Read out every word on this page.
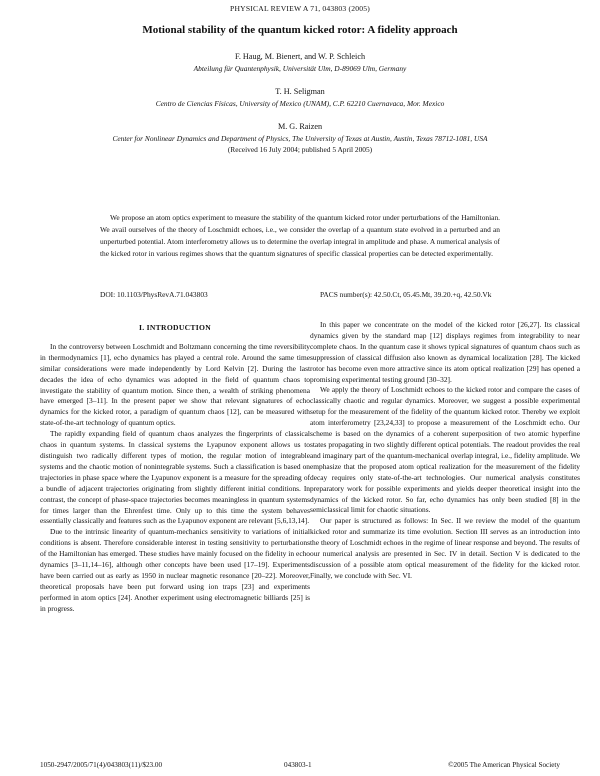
PHYSICAL REVIEW A 71, 043803 (2005)
Motional stability of the quantum kicked rotor: A fidelity approach
F. Haug, M. Bienert, and W. P. Schleich
Abteilung für Quantenphysik, Universität Ulm, D-89069 Ulm, Germany
T. H. Seligman
Centro de Ciencias Físicas, University of Mexico (UNAM), C.P. 62210 Cuernavaca, Mor. Mexico
M. G. Raizen
Center for Nonlinear Dynamics and Department of Physics, The University of Texas at Austin, Austin, Texas 78712-1081, USA
(Received 16 July 2004; published 5 April 2005)
We propose an atom optics experiment to measure the stability of the quantum kicked rotor under perturbations of the Hamiltonian. We avail ourselves of the theory of Loschmidt echoes, i.e., we consider the overlap of a quantum state evolved in a perturbed and an unperturbed potential. Atom interferometry allows us to determine the overlap integral in amplitude and phase. A numerical analysis of the kicked rotor in various regimes shows that the quantum signatures of specific classical properties can be detected experimentally.
DOI: 10.1103/PhysRevA.71.043803	PACS number(s): 42.50.Ct, 05.45.Mt, 39.20.+q, 42.50.Vk
I. INTRODUCTION

In the controversy between Loschmidt and Boltzmann concerning the time reversibility in thermodynamics [1], echo dynamics has played a central role. Around the same time similar considerations were made independently by Lord Kelvin [2]. During the last decades the idea of echo dynamics was adopted in the field of quantum chaos to investigate the stability of quantum motion. Since then, a wealth of striking phenomena have emerged [3–11]. In the present paper we show that relevant signatures of echo dynamics for the kicked rotor, a paradigm of quantum chaos [12], can be measured with state-of-the-art technology of quantum optics.

The rapidly expanding field of quantum chaos analyzes the fingerprints of classical chaos in quantum systems. In classical systems the Lyapunov exponent allows us to distinguish two radically different types of motion, the regular motion of integrable systems and the chaotic motion of nonintegrable systems. Such a classification is based on trajectories in phase space where the Lyapunov exponent is a measure for the spreading of a bundle of adjacent trajectories originating from slightly different initial conditions. In contrast, the concept of phase-space trajectories becomes meaningless in quantum systems for times larger than the Ehrenfest time. Only up to this time the system behaves essentially classically and features such as the Lyapunov exponent are relevant [5,6,13,14].

Due to the intrinsic linearity of quantum-mechanics sensitivity to variations of initial conditions is absent. Therefore considerable interest in testing sensitivity to perturbations of the Hamiltonian has emerged. These studies have mainly focused on the fidelity in echo dynamics [3–11,14–16], although other concepts have been used [17–19]. Experiments have been carried out as early as 1950 in nuclear magnetic resonance [20–22]. Moreover, theoretical proposals have been put forward using ion traps [23] and experiments performed in atom optics [24]. Another experiment using electromagnetic billiards [25] is in progress.

In this paper we concentrate on the model of the kicked rotor [26,27]. Its classical dynamics given by the standard map [12] displays regimes from integrability to near complete chaos. In the quantum case it shows typical signatures of quantum chaos such as suppression of classical diffusion also known as dynamical localization [28]. The kicked rotor has become even more attractive since its atom optical realization [29] has opened a promising experimental testing ground [30–32].

We apply the theory of Loschmidt echoes to the kicked rotor and compare the cases of classically chaotic and regular dynamics. Moreover, we suggest a possible experimental setup for the measurement of the fidelity of the quantum kicked rotor. Thereby we exploit atom interferometry [23,24,33] to propose a measurement of the Loschmidt echo. Our scheme is based on the dynamics of a coherent superposition of two atomic hyperfine states propagating in two slightly different optical potentials. The readout provides the real and imaginary part of the quantum-mechanical overlap integral, i.e., fidelity amplitude. We emphasize that the proposed atom optical realization for the measurement of the fidelity decay requires only state-of-the-art technologies. Our numerical analysis constitutes preparatory work for possible experiments and yields deeper theoretical insight into the dynamics of the kicked rotor. So far, echo dynamics has only been studied [8] in the semiclassical limit for chaotic situations.

Our paper is structured as follows: In Sec. II we review the model of the quantum kicked rotor and summarize its time evolution. Section III serves as an introduction into the theory of Loschmidt echoes in the regime of linear response and beyond. The results of our numerical analysis are presented in Sec. IV in detail. Section V is dedicated to the discussion of a possible atom optical measurement of the fidelity for the kicked rotor. Finally, we conclude with Sec. VI.

1050-2947/2005/71(4)/043803(11)/$23.00	043803-1	©2005 The American Physical Society
